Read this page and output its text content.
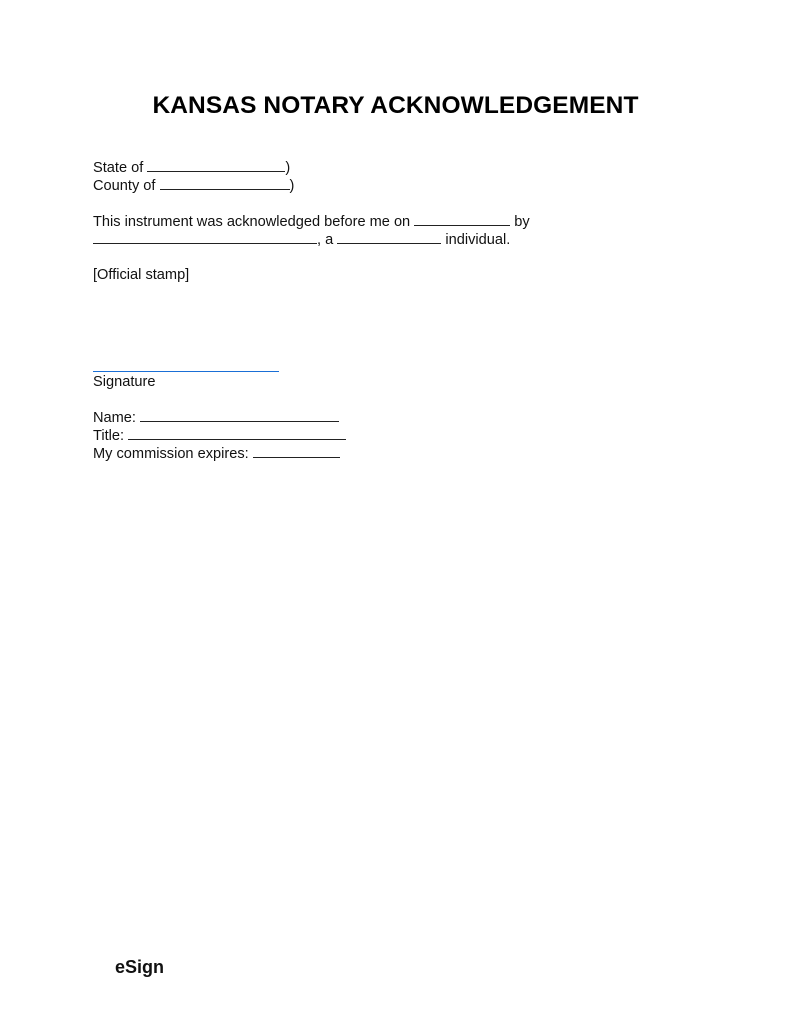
KANSAS NOTARY ACKNOWLEDGEMENT
State of	)
County of	)
This instrument was acknowledged before me on	by
, a	individual.
[Official stamp]
Signature
Name:
Title:
My commission expires:
eSign
